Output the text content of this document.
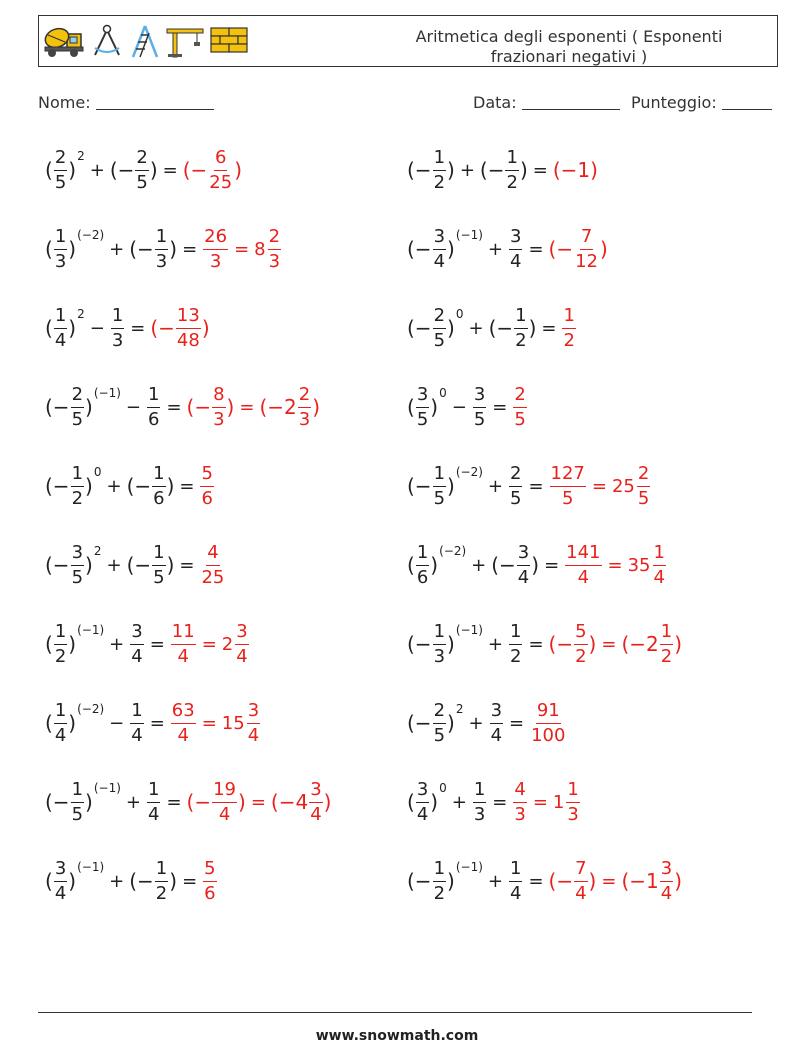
Aritmetica degli esponenti ( Esponenti
frazionari negativi )
Nome:	Data:	Punteggio:
( $\frac{2}{5}$ )
2
+ (− $\frac{2}{5}$ ) = (− $\frac{6}{25}$ )	(− $\frac{1}{2}$ ) + (− $\frac{1}{2}$ ) = (−1)
( $\frac{1}{3}$ )
(−2)
+ (− $\frac{1}{3}$ ) = $\frac{26}{3} = 8 \frac{2}{3}$	(− $\frac{3}{4}$ )
(−1)
+ $\frac{3}{4}$ = (− $\frac{7}{12}$ )
( $\frac{1}{4}$ )
2
− $\frac{1}{3}$ = (− $\frac{13}{48}$ )	(− $\frac{2}{5}$ )
0
+ (− $\frac{1}{2}$ ) = $\frac{1}{2}$
(− $\frac{2}{5}$ )
(−1)
− $\frac{1}{6}$ = (− $\frac{8}{3}$ ) = ($-2 \frac{2}{3}$ )	( $\frac{3}{5}$ )
0
− $\frac{3}{5} = \frac{2}{5}$
(− $\frac{1}{2}$ )
0
+ (− $\frac{1}{6}$ ) = $\frac{5}{6}$	(− $\frac{1}{5}$ )
(−2)
+ $\frac{2}{5} = \frac{127}{5} = 25 \frac{2}{5}$
(− $\frac{3}{5}$ )
2
+ (− $\frac{1}{5}$ ) = $\frac{4}{25}$	( $\frac{1}{6}$ )
(−2)
+ (− $\frac{3}{4}$ ) = $\frac{141}{4} = 35 \frac{1}{4}$
( $\frac{1}{2}$ )
(−1)
+ $\frac{3}{4} = \frac{11}{4} = 2 \frac{3}{4}$	(− $\frac{1}{3}$ )
(−1)
+ $\frac{1}{2}$ = (− $\frac{5}{2}$ ) = ($-2 \frac{1}{2}$ )
( $\frac{1}{4}$ )
(−2)
− $\frac{1}{4} = \frac{63}{4} = 15 \frac{3}{4}$	(− $\frac{2}{5}$ )
2
+ $\frac{3}{4} = \frac{91}{100}$
(− $\frac{1}{5}$ )
(−1)
+ $\frac{1}{4}$ = (− $\frac{19}{4}$ ) = ($-4 \frac{3}{4}$ )	( $\frac{3}{4}$ )
0
+ $\frac{1}{3} = \frac{4}{3} = 1 \frac{1}{3}$
( $\frac{3}{4}$ )
(−1)
+ (− $\frac{1}{2}$ ) = $\frac{5}{6}$	(− $\frac{1}{2}$ )
(−1)
+ $\frac{1}{4}$ = (− $\frac{7}{4}$ ) = ($-1 \frac{3}{4}$ )
www.snowmath.com
